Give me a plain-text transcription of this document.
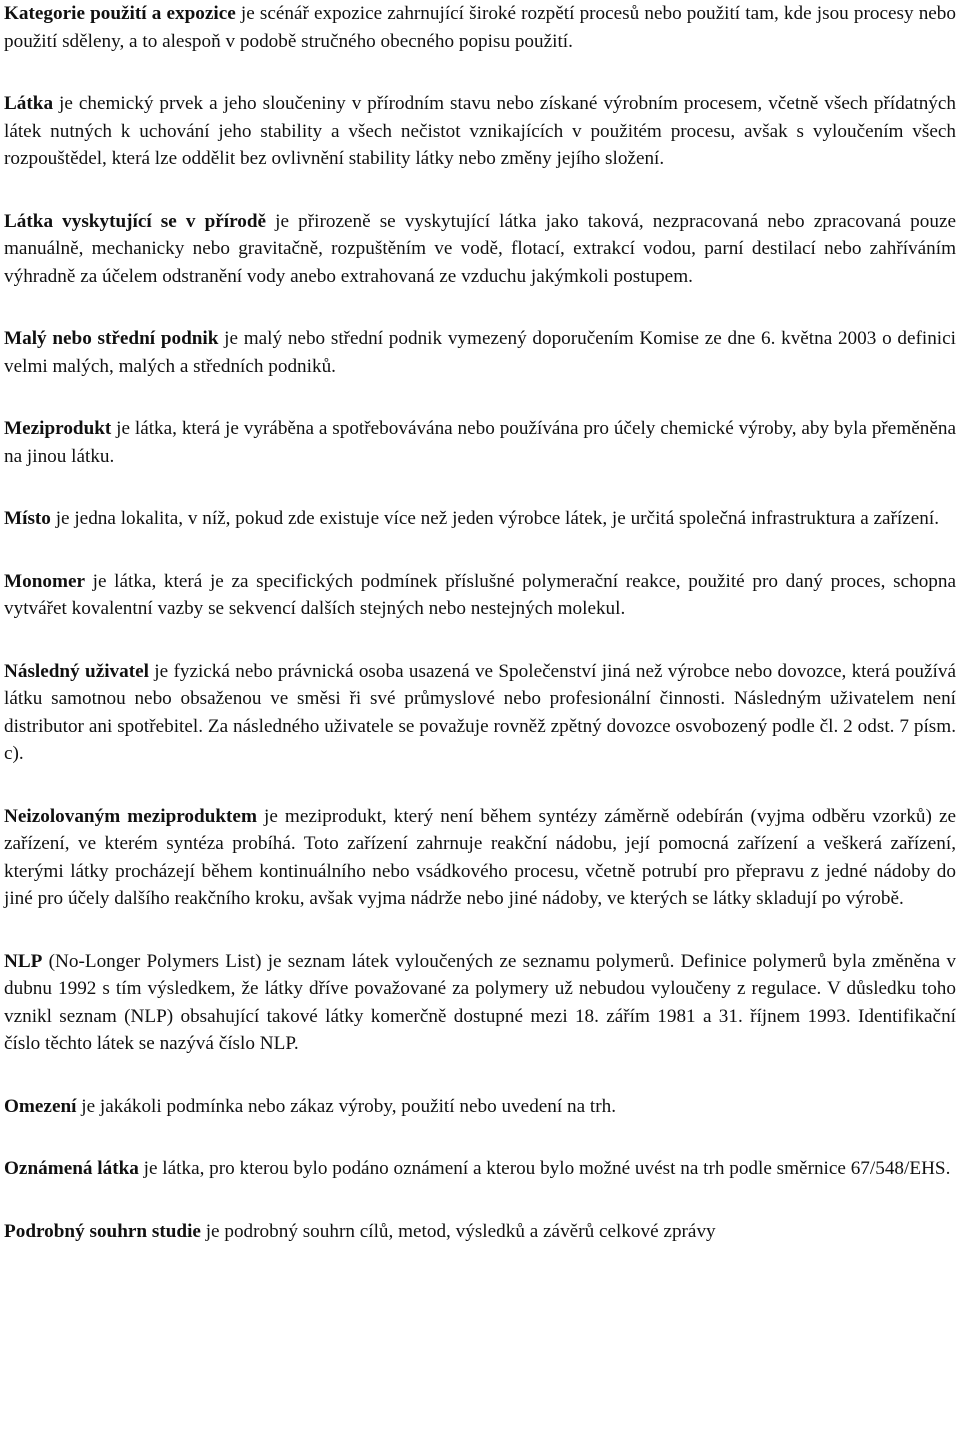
Kategorie použití a expozice je scénář expozice zahrnující široké rozpětí procesů nebo použití tam, kde jsou procesy nebo použití sděleny, a to alespoň v podobě stručného obecného popisu použití.

Látka je chemický prvek a jeho sloučeniny v přírodním stavu nebo získané výrobním procesem, včetně všech přídatných látek nutných k uchování jeho stability a všech nečistot vznikajících v použitém procesu, avšak s vyloučením všech rozpouštědel, která lze oddělit bez ovlivnění stability látky nebo změny jejího složení.

Látka vyskytující se v přírodě je přirozeně se vyskytující látka jako taková, nezpracovaná nebo zpracovaná pouze manuálně, mechanicky nebo gravitačně, rozpuštěním ve vodě, flotací, extrakcí vodou, parní destilací nebo zahříváním výhradně za účelem odstranění vody anebo extrahovaná ze vzduchu jakýmkoli postupem.

Malý nebo střední podnik je malý nebo střední podnik vymezený doporučením Komise ze dne 6. května 2003 o definici velmi malých, malých a středních podniků.

Meziprodukt je látka, která je vyráběna a spotřebovávána nebo používána pro účely chemické výroby, aby byla přeměněna na jinou látku.

Místo je jedna lokalita, v níž, pokud zde existuje více než jeden výrobce látek, je určitá společná infrastruktura a zařízení.

Monomer je látka, která je za specifických podmínek příslušné polymerační reakce, použité pro daný proces, schopna vytvářet kovalentní vazby se sekvencí dalších stejných nebo nestejných molekul.

Následný uživatel je fyzická nebo právnická osoba usazená ve Společenství jiná než výrobce nebo dovozce, která používá látku samotnou nebo obsaženou ve směsi ři své průmyslové nebo profesionální činnosti. Následným uživatelem není distributor ani spotřebitel. Za následného uživatele se považuje rovněž zpětný dovozce osvobozený podle čl. 2 odst. 7 písm. c).

Neizolovaným meziproduktem je meziprodukt, který není během syntézy záměrně odebírán (vyjma odběru vzorků) ze zařízení, ve kterém syntéza probíhá. Toto zařízení zahrnuje reakční nádobu, její pomocná zařízení a veškerá zařízení, kterými látky procházejí během kontinuálního nebo vsádkového procesu, včetně potrubí pro přepravu z jedné nádoby do jiné pro účely dalšího reakčního kroku, avšak vyjma nádrže nebo jiné nádoby, ve kterých se látky skladují po výrobě.

NLP (No-Longer Polymers List) je seznam látek vyloučených ze seznamu polymerů. Definice polymerů byla změněna v dubnu 1992 s tím výsledkem, že látky dříve považované za polymery už nebudou vyloučeny z regulace. V důsledku toho vznikl seznam (NLP) obsahující takové látky komerčně dostupné mezi 18. zářím 1981 a 31. říjnem 1993. Identifikační číslo těchto látek se nazývá číslo NLP.

Omezení je jakákoli podmínka nebo zákaz výroby, použití nebo uvedení na trh.

Oznámená látka je látka, pro kterou bylo podáno oznámení a kterou bylo možné uvést na trh podle směrnice 67/548/EHS.

Podrobný souhrn studie je podrobný souhrn cílů, metod, výsledků a závěrů celkové zprávy
